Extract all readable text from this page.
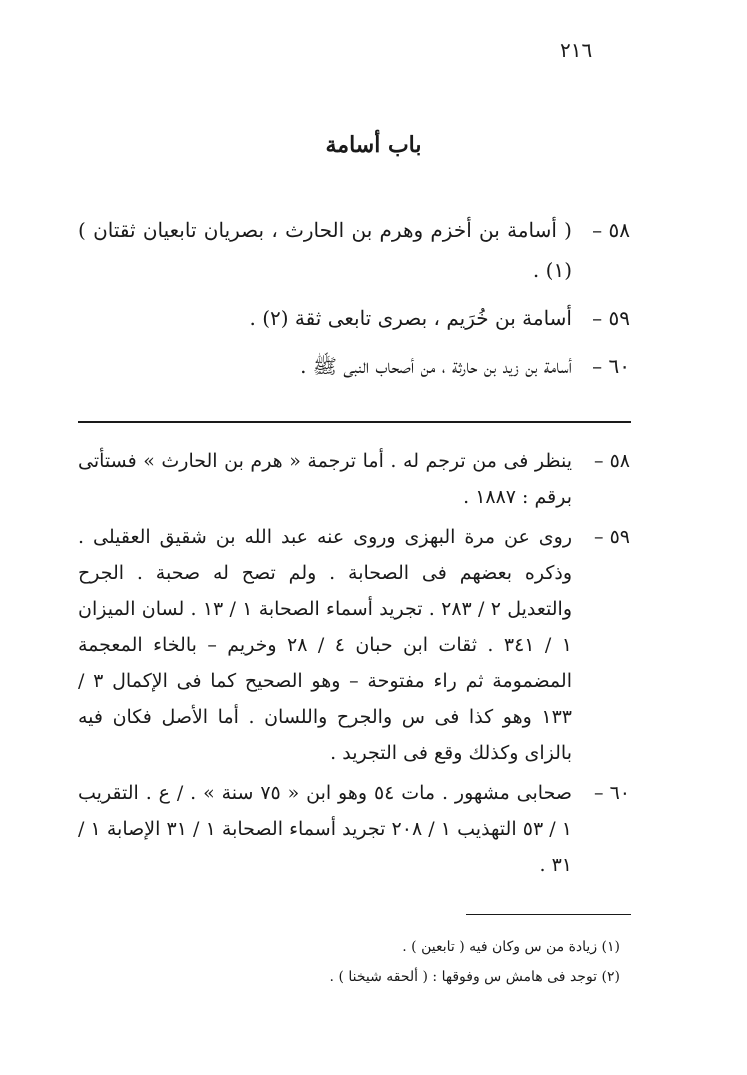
٢١٦
باب أسامة
٥٨ –
( أسامة بن أخزم وهرم بن الحارث ، بصريان تابعيان ثقتان ) (١) .
٥٩ –
أسامة بن خُرَيم ، بصرى تابعى ثقة (٢) .
٦٠ –
أسامة بن زيد بن حارثة ، من أصحاب النبى ﷺ .
٥٨ –
ينظر فى من ترجم له . أما ترجمة « هرم بن الحارث » فستأتى برقم : ١٨٨٧ .
٥٩ –
روى عن مرة البهزى وروى عنه عبد الله بن شقيق العقيلى . وذكره بعضهم فى الصحابة . ولم تصح له صحبة . الجرح والتعديل ٢ / ٢٨٣ . تجريد أسماء الصحابة ١ / ١٣ . لسان الميزان ١ / ٣٤١ . ثقات ابن حبان ٤ / ٢٨ وخريم – بالخاء المعجمة المضمومة ثم راء مفتوحة – وهو الصحيح كما فى الإكمال ٣ / ١٣٣ وهو كذا فى س والجرح واللسان . أما الأصل فكان فيه بالزاى وكذلك وقع فى التجريد .
٦٠ –
صحابى مشهور . مات ٥٤ وهو ابن « ٧٥ سنة » . / ع . التقريب ١ / ٥٣ التهذيب ١ / ٢٠٨ تجريد أسماء الصحابة ١ / ٣١ الإصابة ١ / ٣١ .
(١) زيادة من س وكان فيه ( تابعين ) .
(٢) توجد فى هامش س وفوقها : ( ألحقه شيخنا ) .
